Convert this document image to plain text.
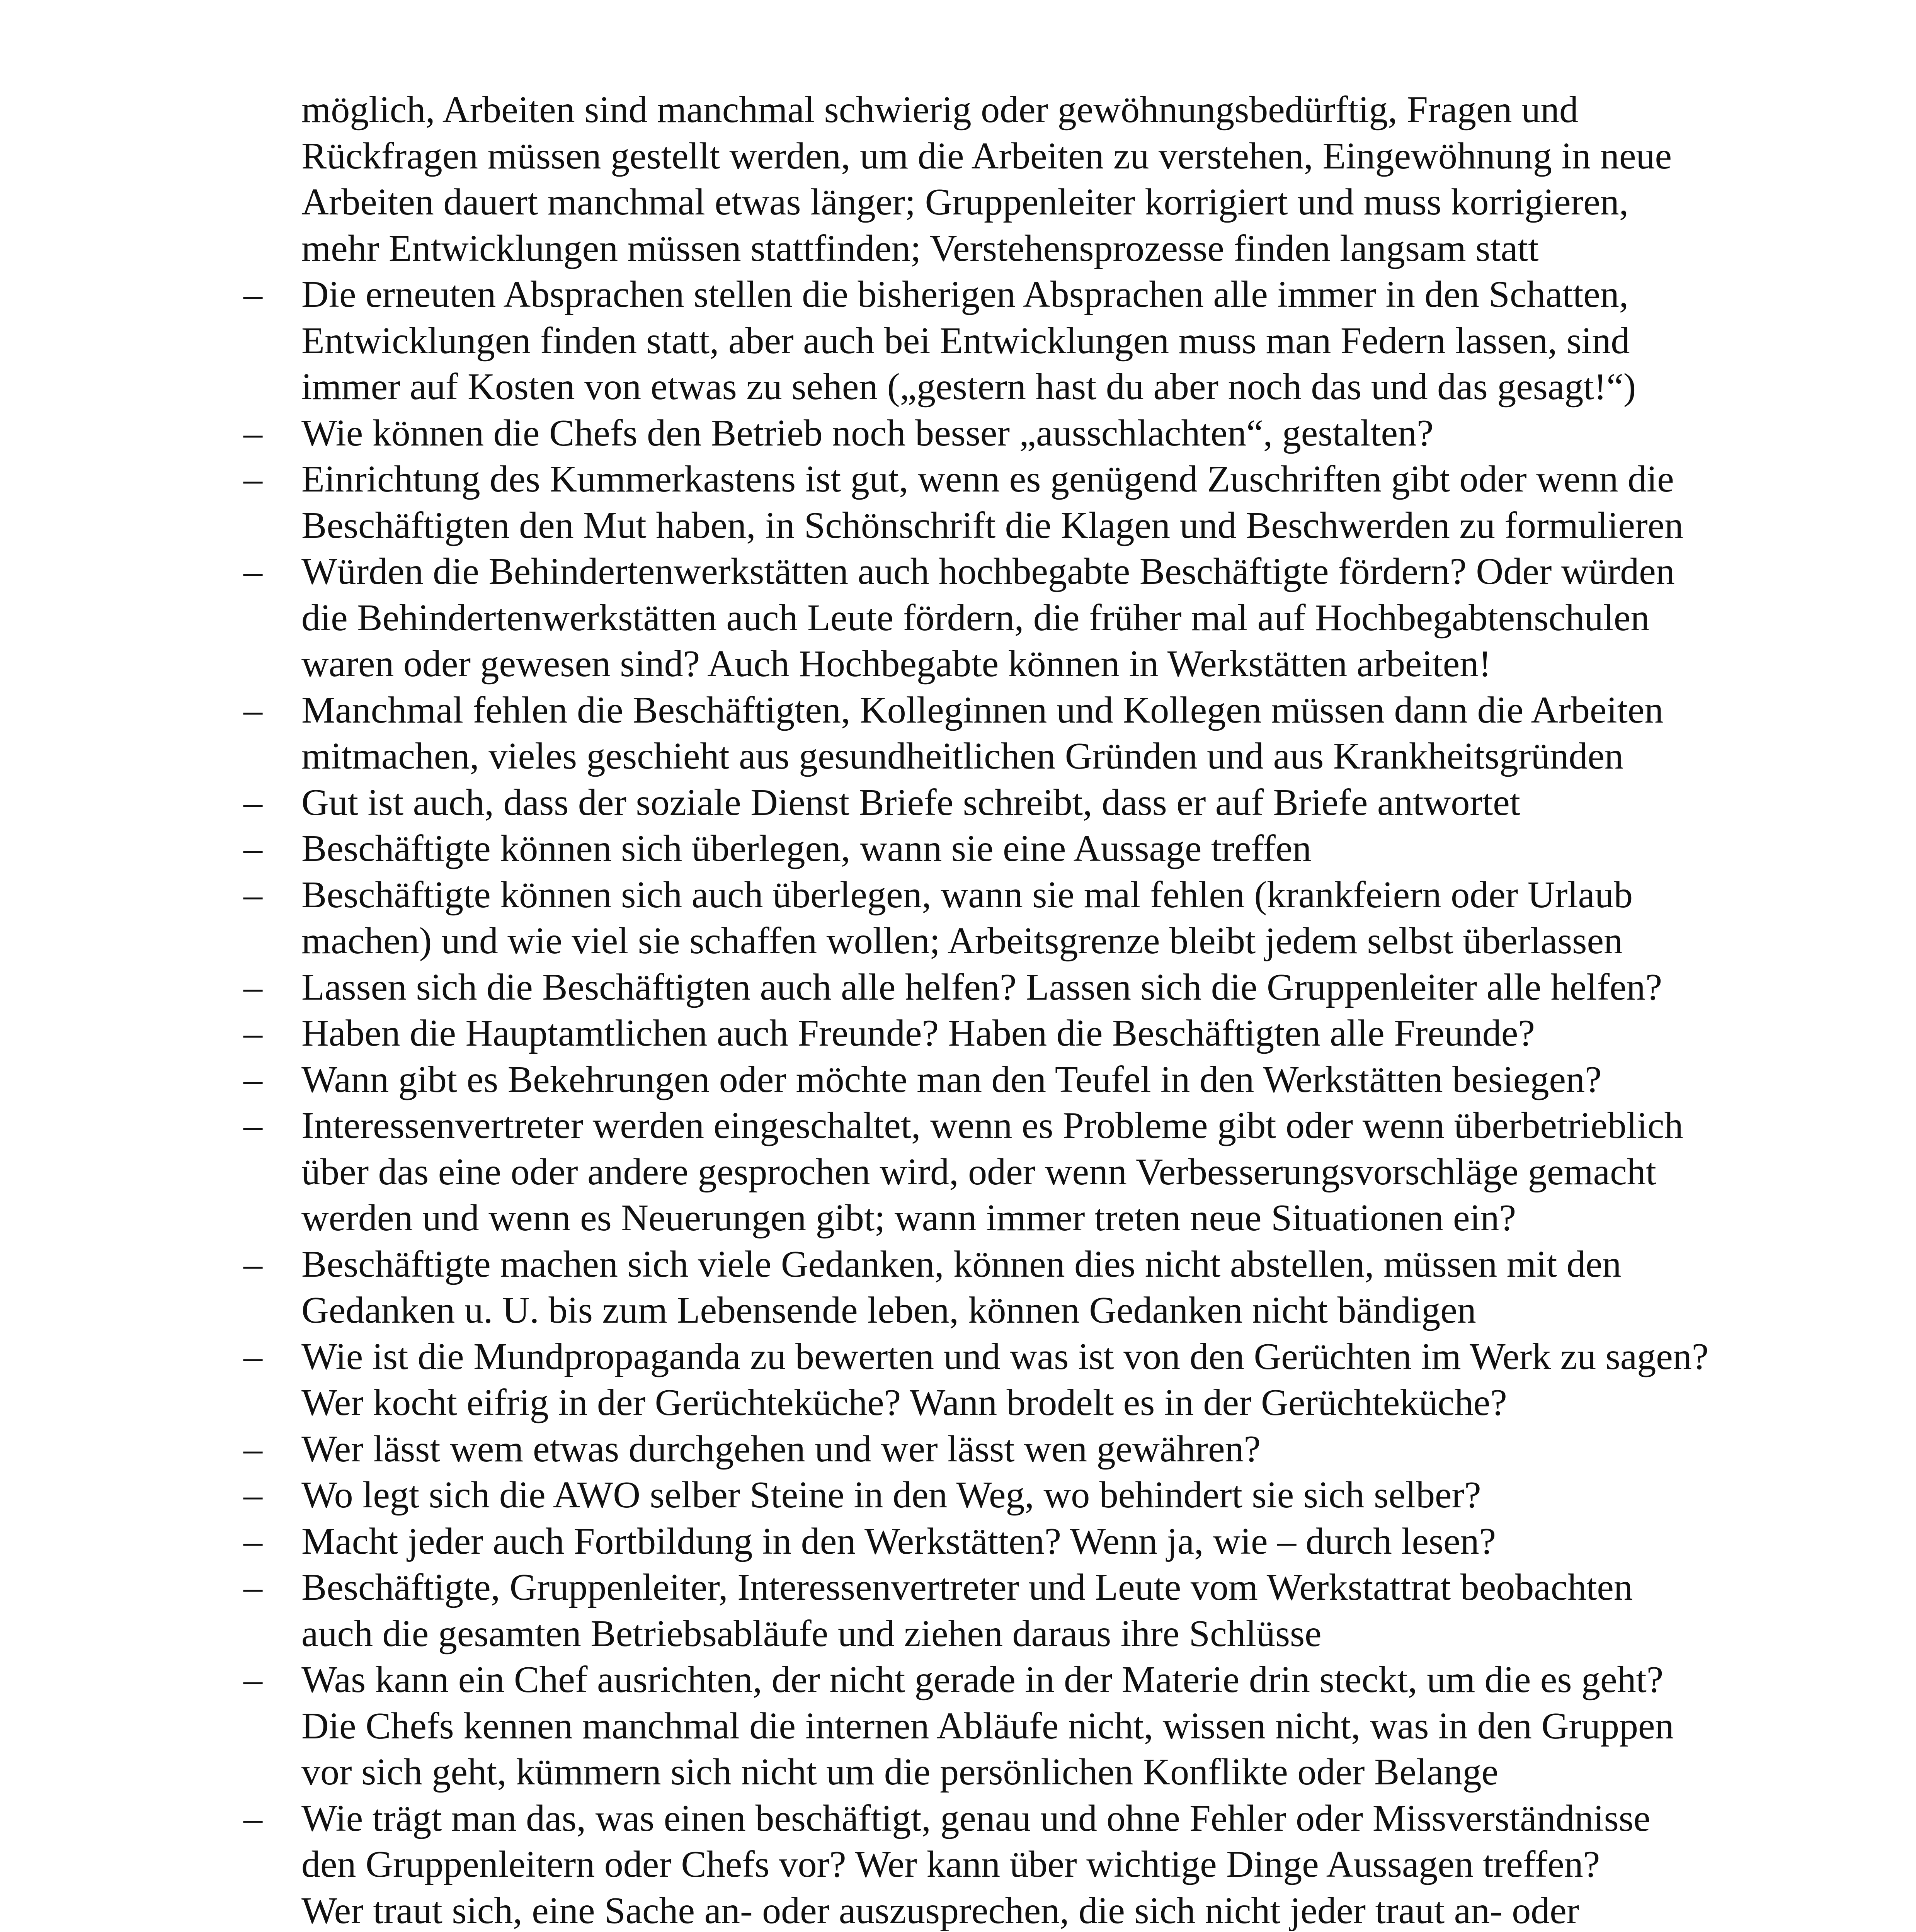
möglich, Arbeiten sind manchmal schwierig oder gewöhnungsbedürftig, Fragen und
Rückfragen müssen gestellt werden, um die Arbeiten zu verstehen, Eingewöhnung in neue
Arbeiten dauert manchmal etwas länger; Gruppenleiter korrigiert und muss korrigieren,
mehr Entwicklungen müssen stattfinden; Verstehensprozesse finden langsam statt

–	Die erneuten Absprachen stellen die bisherigen Absprachen alle immer in den Schatten,
Entwicklungen finden statt, aber auch bei Entwicklungen muss man Federn lassen, sind
immer auf Kosten von etwas zu sehen („gestern hast du aber noch das und das gesagt!“)
–	Wie können die Chefs den Betrieb noch besser „ausschlachten“, gestalten?
–	Einrichtung des Kummerkastens ist gut, wenn es genügend Zuschriften gibt oder wenn die
Beschäftigten den Mut haben, in Schönschrift die Klagen und Beschwerden zu formulieren
–	Würden die Behindertenwerkstätten auch hochbegabte Beschäftigte fördern? Oder würden
die Behindertenwerkstätten auch Leute fördern, die früher mal auf Hochbegabtenschulen
waren oder gewesen sind? Auch Hochbegabte können in Werkstätten arbeiten!
–	Manchmal fehlen die Beschäftigten, Kolleginnen und Kollegen müssen dann die Arbeiten
mitmachen, vieles geschieht aus gesundheitlichen Gründen und aus Krankheitsgründen
–	Gut ist auch, dass der soziale Dienst Briefe schreibt, dass er auf Briefe antwortet
–	Beschäftigte können sich überlegen, wann sie eine Aussage treffen
–	Beschäftigte können sich auch überlegen, wann sie mal fehlen (krankfeiern oder Urlaub
machen) und wie viel sie schaffen wollen; Arbeitsgrenze bleibt jedem selbst überlassen
–	Lassen sich die Beschäftigten auch alle helfen? Lassen sich die Gruppenleiter alle helfen?
–	Haben die Hauptamtlichen auch Freunde? Haben die Beschäftigten alle Freunde?
–	Wann gibt es Bekehrungen oder möchte man den Teufel in den Werkstätten besiegen?
–	Interessenvertreter werden eingeschaltet, wenn es Probleme gibt oder wenn überbetrieblich
über das eine oder andere gesprochen wird, oder wenn Verbesserungsvorschläge gemacht
werden und wenn es Neuerungen gibt; wann immer treten neue Situationen ein?
–	Beschäftigte machen sich viele Gedanken, können dies nicht abstellen, müssen mit den
Gedanken u. U. bis zum Lebensende leben, können Gedanken nicht bändigen
–	Wie ist die Mundpropaganda zu bewerten und was ist von den Gerüchten im Werk zu sagen?
Wer kocht eifrig in der Gerüchteküche? Wann brodelt es in der Gerüchteküche?
–	Wer lässt wem etwas durchgehen und wer lässt wen gewähren?
–	Wo legt sich die AWO selber Steine in den Weg, wo behindert sie sich selber?
–	Macht jeder auch Fortbildung in den Werkstätten? Wenn ja, wie – durch lesen?
–	Beschäftigte, Gruppenleiter, Interessenvertreter und Leute vom Werkstattrat beobachten
auch die gesamten Betriebsabläufe und ziehen daraus ihre Schlüsse
–	Was kann ein Chef ausrichten, der nicht gerade in der Materie drin steckt, um die es geht?
Die Chefs kennen manchmal die internen Abläufe nicht, wissen nicht, was in den Gruppen
vor sich geht, kümmern sich nicht um die persönlichen Konflikte oder Belange
–	Wie trägt man das, was einen beschäftigt, genau und ohne Fehler oder Missverständnisse
den Gruppenleitern oder Chefs vor? Wer kann über wichtige Dinge Aussagen treffen?
Wer traut sich, eine Sache an- oder auszusprechen, die sich nicht jeder traut an- oder
